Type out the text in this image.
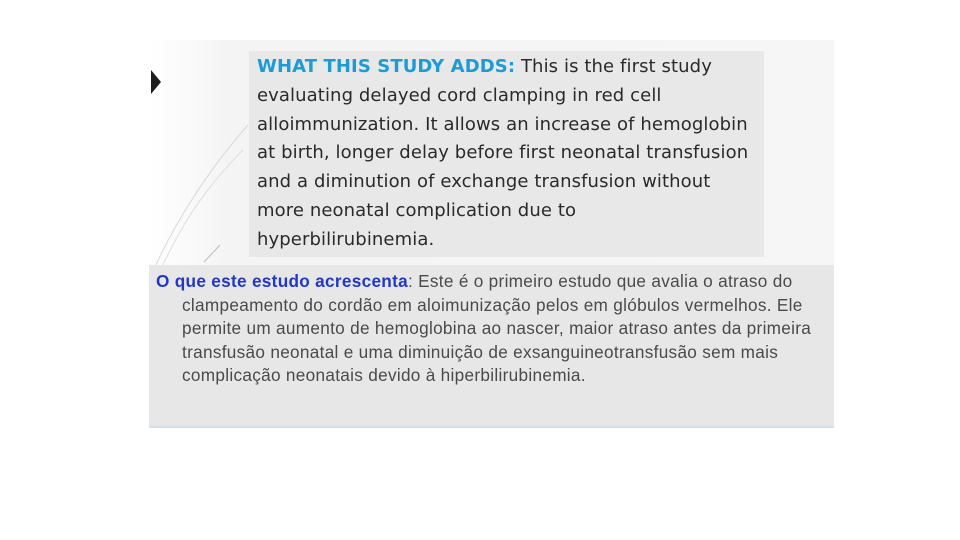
WHAT THIS STUDY ADDS: This is the first study evaluating delayed cord clamping in red cell alloimmunization. It allows an increase of hemoglobin at birth, longer delay before first neonatal transfusion and a diminution of exchange transfusion without more neonatal complication due to hyperbilirubinemia.

O que este estudo acrescenta: Este é o primeiro estudo que avalia o atraso do clampeamento do cordão em aloimunização pelos em glóbulos vermelhos. Ele permite um aumento de hemoglobina ao nascer, maior atraso antes da primeira transfusão neonatal e uma diminuição de exsanguineotransfusão sem mais complicação neonatais devido à hiperbilirubinemia.
